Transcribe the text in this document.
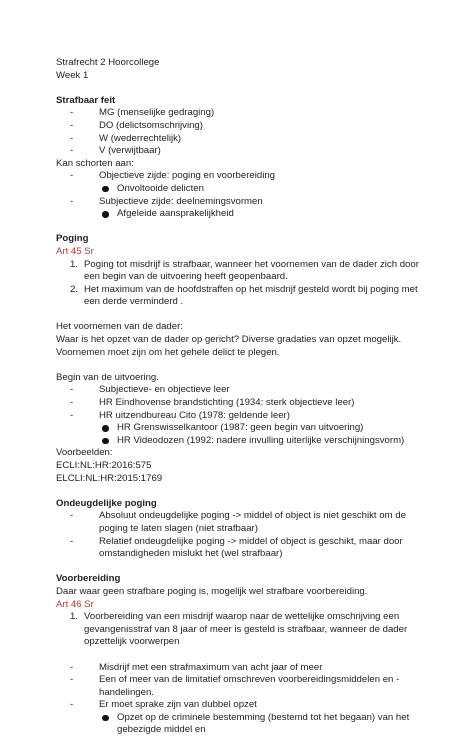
Strafrecht 2 Hoorcollege
Week 1
Strafbaar feit
-	MG (menselijke gedraging)
-	DO (delictsomschrijving)
-	W (wederrechtelijk)
-	V (verwijtbaar)
Kan schorten aan:
-	Objectieve zijde: poging en voorbereiding
Onvoltooide delicten
-	Subjectieve zijde: deelnemingsvormen
Afgeleide aansprakelijkheid
Poging
Art 45 Sr
1. Poging tot misdrijf is strafbaar, wanneer het voornemen van de dader zich door een begin van de uitvoering heeft geopenbaard.
2. Het maximum van de hoofdstraffen op het misdrijf gesteld wordt bij poging met een derde verminderd .
Het voornemen van de dader:
Waar is het opzet van de dader op gericht? Diverse gradaties van opzet mogelijk.
Voornemen moet zijn om het gehele delict te plegen.
Begin van de uitvoering.
-	Subjectieve- en objectieve leer
-	HR Eindhovense brandstichting (1934: sterk objectieve leer)
-	HR uitzendbureau Cito (1978: geldende leer)
HR Grenswisselkantoor (1987: geen begin van uitvoering)
HR Videodozen (1992: nadere invulling uiterlijke verschijningsvorm)
Voorbeelden:
ECLI:NL:HR:2016:575
ELCLI:NL:HR:2015:1769
Ondeugdelijke poging
-	Absoluut ondeugdelijke poging -> middel of object is niet geschikt om de poging te laten slagen (niet strafbaar)
-	Relatief ondeugdelijke poging -> middel of object is geschikt, maar door omstandigheden mislukt het (wel strafbaar)
Voorbereiding
Daar waar geen strafbare poging is, mogelijk wel strafbare voorbereiding.
Art 46 Sr
1. Voorbereiding van een misdrijf waarop naar de wettelijke omschrijving een gevangenisstraf van 8 jaar of meer is gesteld is strafbaar, wanneer de dader opzettelijk voorwerpen
-	Misdrijf met een strafmaximum van acht jaar of meer
-	Een of meer van de limitatief omschreven voorbereidingsmiddelen en -handelingen.
-	Er moet sprake zijn van dubbel opzet
Opzet op de criminele bestemming (bestemd tot het begaan) van het gebezigde middel en
